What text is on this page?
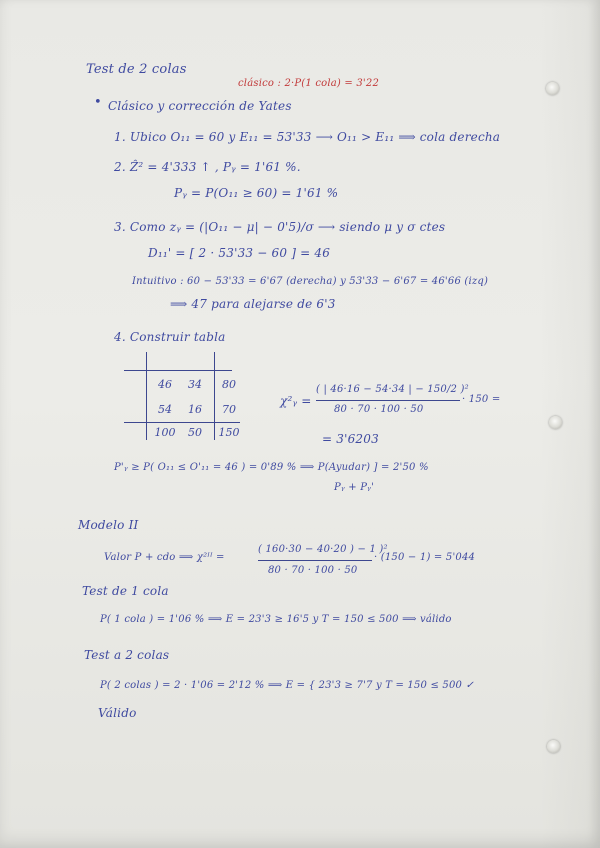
Test de 2 colas
clásico : 2·P(1 cola) = 3'22
• Clásico y corrección de Yates
1. Ubico O₁₁ = 60 y E₁₁ = 53'33 ⟶ O₁₁ > E₁₁ ⟹ cola derecha
2. Ẑ² = 4'333 ↑ , Pᵧ = 1'61 %.
Pᵧ = P(O₁₁ ≥ 60) = 1'61 %
3. Como zᵧ = (|O₁₁ − μ| − 0'5)/σ ⟶ siendo μ y σ ctes
D₁₁' = [ 2 · 53'33 − 60 ] = 46
Intuitivo : 60 − 53'33 = 6'67 (derecha) y 53'33 − 6'67 = 46'66 (izq)
⟹ 47 para alejarse de 6'3
4. Construir tabla
46	34	80
54	16	70
100	50	150
χ²ᵧ =
( | 46·16 − 54·34 | − 150/2 )²
80 · 70 · 100 · 50
· 150 =
= 3'6203
P'ᵧ ≥ P( O₁₁ ≤ O'₁₁ = 46 ) = 0'89 % ⟹ P(Ayudar) ] = 2'50 %
Pᵧ + Pᵧ'
Modelo II
Valor P + cdo ⟹ χ²ᴵᴵ =
( 160·30 − 40·20 ) − 1 )²
80 · 70 · 100 · 50
· (150 − 1) = 5'044
Test de 1 cola
P( 1 cola ) = 1'06 % ⟹ E = 23'3 ≥ 16'5 y T = 150 ≤ 500 ⟹ válido
Test a 2 colas
P( 2 colas ) = 2 · 1'06 = 2'12 % ⟹ E = { 23'3 ≥ 7'7 y T = 150 ≤ 500 ✓
Válido
